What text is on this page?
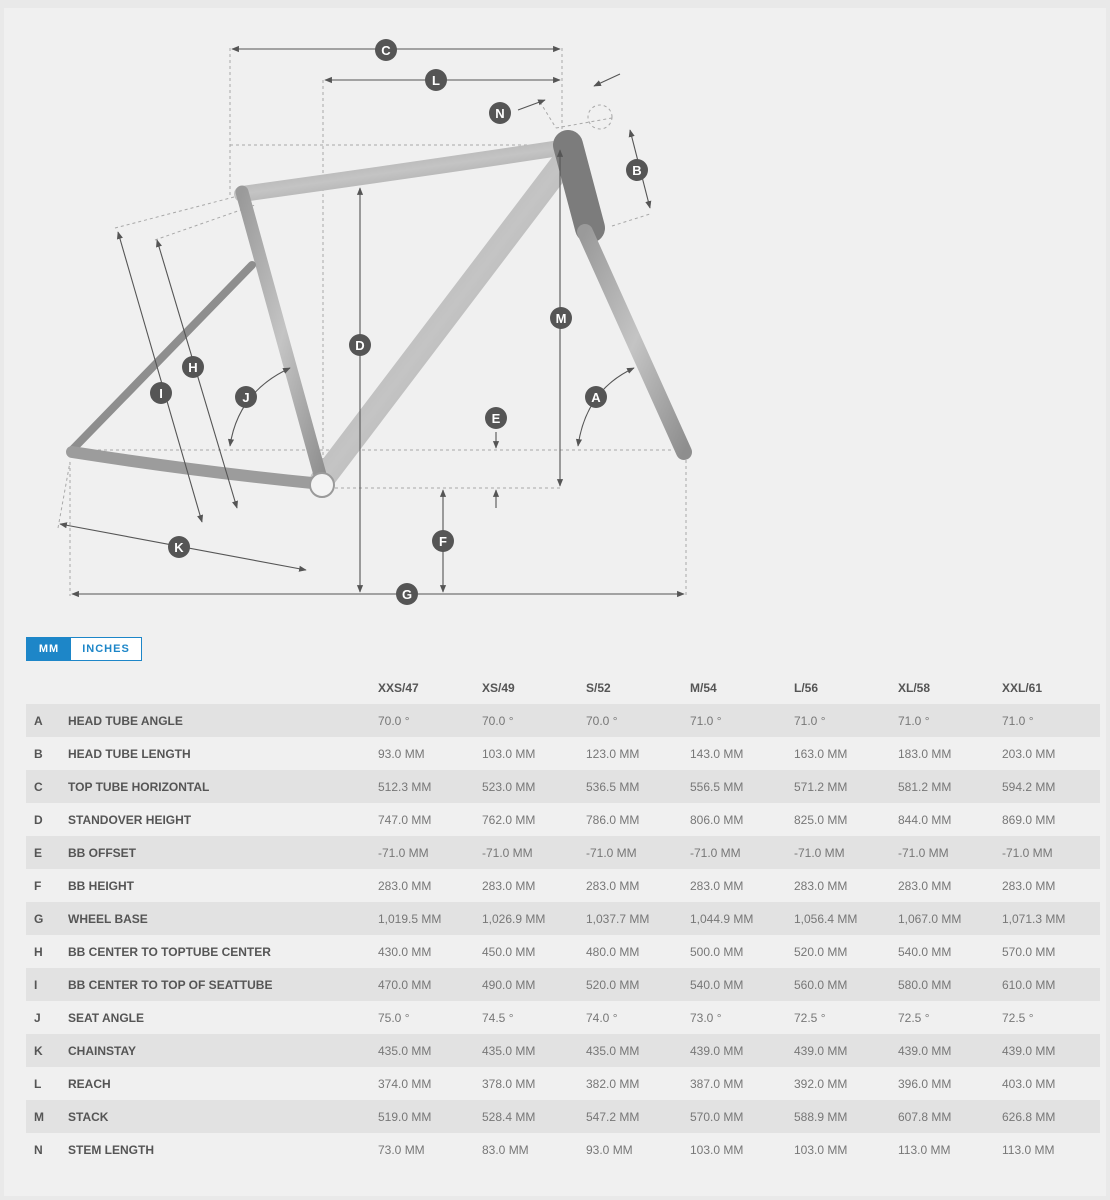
A
B
C
D
E
F
G
H
I	J
K
L
M
N
MM	INCHES
		XXS/47	XS/49	S/52	M/54	L/56	XL/58	XXL/61
A	HEAD TUBE ANGLE	70.0 °	70.0 °	70.0 °	71.0 °	71.0 °	71.0 °	71.0 °
B	HEAD TUBE LENGTH	93.0 MM	103.0 MM	123.0 MM	143.0 MM	163.0 MM	183.0 MM	203.0 MM
C	TOP TUBE HORIZONTAL	512.3 MM	523.0 MM	536.5 MM	556.5 MM	571.2 MM	581.2 MM	594.2 MM
D	STANDOVER HEIGHT	747.0 MM	762.0 MM	786.0 MM	806.0 MM	825.0 MM	844.0 MM	869.0 MM
E	BB OFFSET	-71.0 MM	-71.0 MM	-71.0 MM	-71.0 MM	-71.0 MM	-71.0 MM	-71.0 MM
F	BB HEIGHT	283.0 MM	283.0 MM	283.0 MM	283.0 MM	283.0 MM	283.0 MM	283.0 MM
G	WHEEL BASE	1,019.5 MM	1,026.9 MM	1,037.7 MM	1,044.9 MM	1,056.4 MM	1,067.0 MM	1,071.3 MM
H	BB CENTER TO TOPTUBE CENTER	430.0 MM	450.0 MM	480.0 MM	500.0 MM	520.0 MM	540.0 MM	570.0 MM
I	BB CENTER TO TOP OF SEATTUBE	470.0 MM	490.0 MM	520.0 MM	540.0 MM	560.0 MM	580.0 MM	610.0 MM
J	SEAT ANGLE	75.0 °	74.5 °	74.0 °	73.0 °	72.5 °	72.5 °	72.5 °
K	CHAINSTAY	435.0 MM	435.0 MM	435.0 MM	439.0 MM	439.0 MM	439.0 MM	439.0 MM
L	REACH	374.0 MM	378.0 MM	382.0 MM	387.0 MM	392.0 MM	396.0 MM	403.0 MM
M	STACK	519.0 MM	528.4 MM	547.2 MM	570.0 MM	588.9 MM	607.8 MM	626.8 MM
N	STEM LENGTH	73.0 MM	83.0 MM	93.0 MM	103.0 MM	103.0 MM	113.0 MM	113.0 MM
